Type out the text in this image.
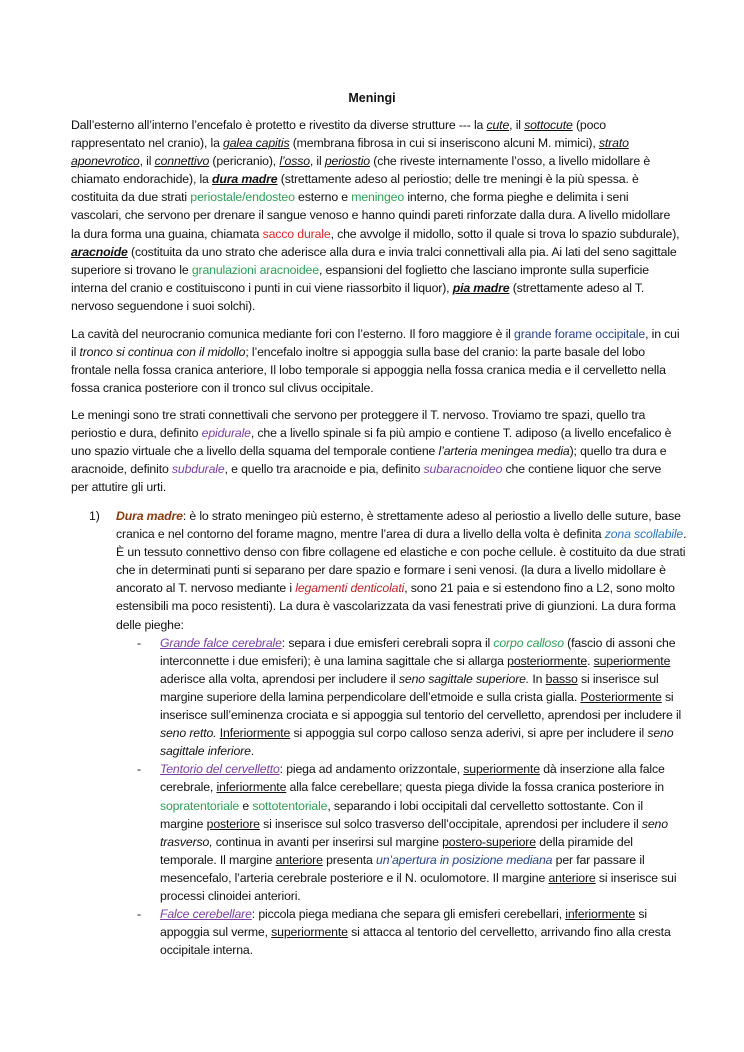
Meningi
Dall’esterno all’interno l’encefalo è protetto e rivestito da diverse strutture --- la cute, il sottocute (poco rappresentato nel cranio), la galea capitis (membrana fibrosa in cui si inseriscono alcuni M. mimici), strato aponevrotico, il connettivo (pericranio), l’osso, il periostio (che riveste internamente l’osso, a livello midollare è chiamato endorachide), la dura madre (strettamente adeso al periostio; delle tre meningi è la più spessa. è costituita da due strati periostale/endosteo esterno e meningeo interno, che forma pieghe e delimita i seni vascolari, che servono per drenare il sangue venoso e hanno quindi pareti rinforzate dalla dura. A livello midollare la dura forma una guaina, chiamata sacco durale, che avvolge il midollo, sotto il quale si trova lo spazio subdurale), aracnoide (costituita da uno strato che aderisce alla dura e invia tralci connettivali alla pia. Ai lati del seno sagittale superiore si trovano le granulazioni aracnoidee, espansioni del foglietto che lasciano impronte sulla superficie interna del cranio e costituiscono i punti in cui viene riassorbito il liquor), pia madre (strettamente adeso al T. nervoso seguendone i suoi solchi).
La cavità del neurocranio comunica mediante fori con l’esterno. Il foro maggiore è il grande forame occipitale, in cui il tronco si continua con il midollo; l’encefalo inoltre si appoggia sulla base del cranio: la parte basale del lobo frontale nella fossa cranica anteriore, Il lobo temporale si appoggia nella fossa cranica media e il cervelletto nella fossa cranica posteriore con il tronco sul clivus occipitale.
Le meningi sono tre strati connettivali che servono per proteggere il T. nervoso. Troviamo tre spazi, quello tra periostio e dura, definito epidurale, che a livello spinale si fa più ampio e contiene T. adiposo (a livello encefalico è uno spazio virtuale che a livello della squama del temporale contiene l’arteria meningea media); quello tra dura e aracnoide, definito subdurale, e quello tra aracnoide e pia, definito subaracnoideo che contiene liquor che serve per attutire gli urti.
1) Dura madre: è lo strato meningeo più esterno, è strettamente adeso al periostio a livello delle suture, base cranica e nel contorno del forame magno, mentre l’area di dura a livello della volta è definita zona scollabile. È un tessuto connettivo denso con fibre collagene ed elastiche e con poche cellule. è costituito da due strati che in determinati punti si separano per dare spazio e formare i seni venosi. (la dura a livello midollare è ancorato al T. nervoso mediante i legamenti denticolati, sono 21 paia e si estendono fino a L2, sono molto estensibili ma poco resistenti). La dura è vascolarizzata da vasi fenestrati prive di giunzioni. La dura forma delle pieghe:
- Grande falce cerebrale: separa i due emisferi cerebrali sopra il corpo calloso (fascio di assoni che interconnette i due emisferi); è una lamina sagittale che si allarga posteriormente. superiormente aderisce alla volta, aprendosi per includere il seno sagittale superiore. In basso si inserisce sul margine superiore della lamina perpendicolare dell’etmoide e sulla crista gialla. Posteriormente si inserisce sull’eminenza crociata e si appoggia sul tentorio del cervelletto, aprendosi per includere il seno retto. Inferiormente si appoggia sul corpo calloso senza aderivi, si apre per includere il seno sagittale inferiore.
- Tentorio del cervelletto: piega ad andamento orizzontale, superiormente dà inserzione alla falce cerebrale, inferiormente alla falce cerebellare; questa piega divide la fossa cranica posteriore in sopratentoriale e sottotentoriale, separando i lobi occipitali dal cervelletto sottostante. Con il margine posteriore si inserisce sul solco trasverso dell’occipitale, aprendosi per includere il seno trasverso, continua in avanti per inserirsi sul margine postero-superiore della piramide del temporale. Il margine anteriore presenta un’apertura in posizione mediana per far passare il mesencefalo, l’arteria cerebrale posteriore e il N. oculomotore. Il margine anteriore si inserisce sui processi clinoidei anteriori.
- Falce cerebellare: piccola piega mediana che separa gli emisferi cerebellari, inferiormente si appoggia sul verme, superiormente si attacca al tentorio del cervelletto, arrivando fino alla cresta occipitale interna.
